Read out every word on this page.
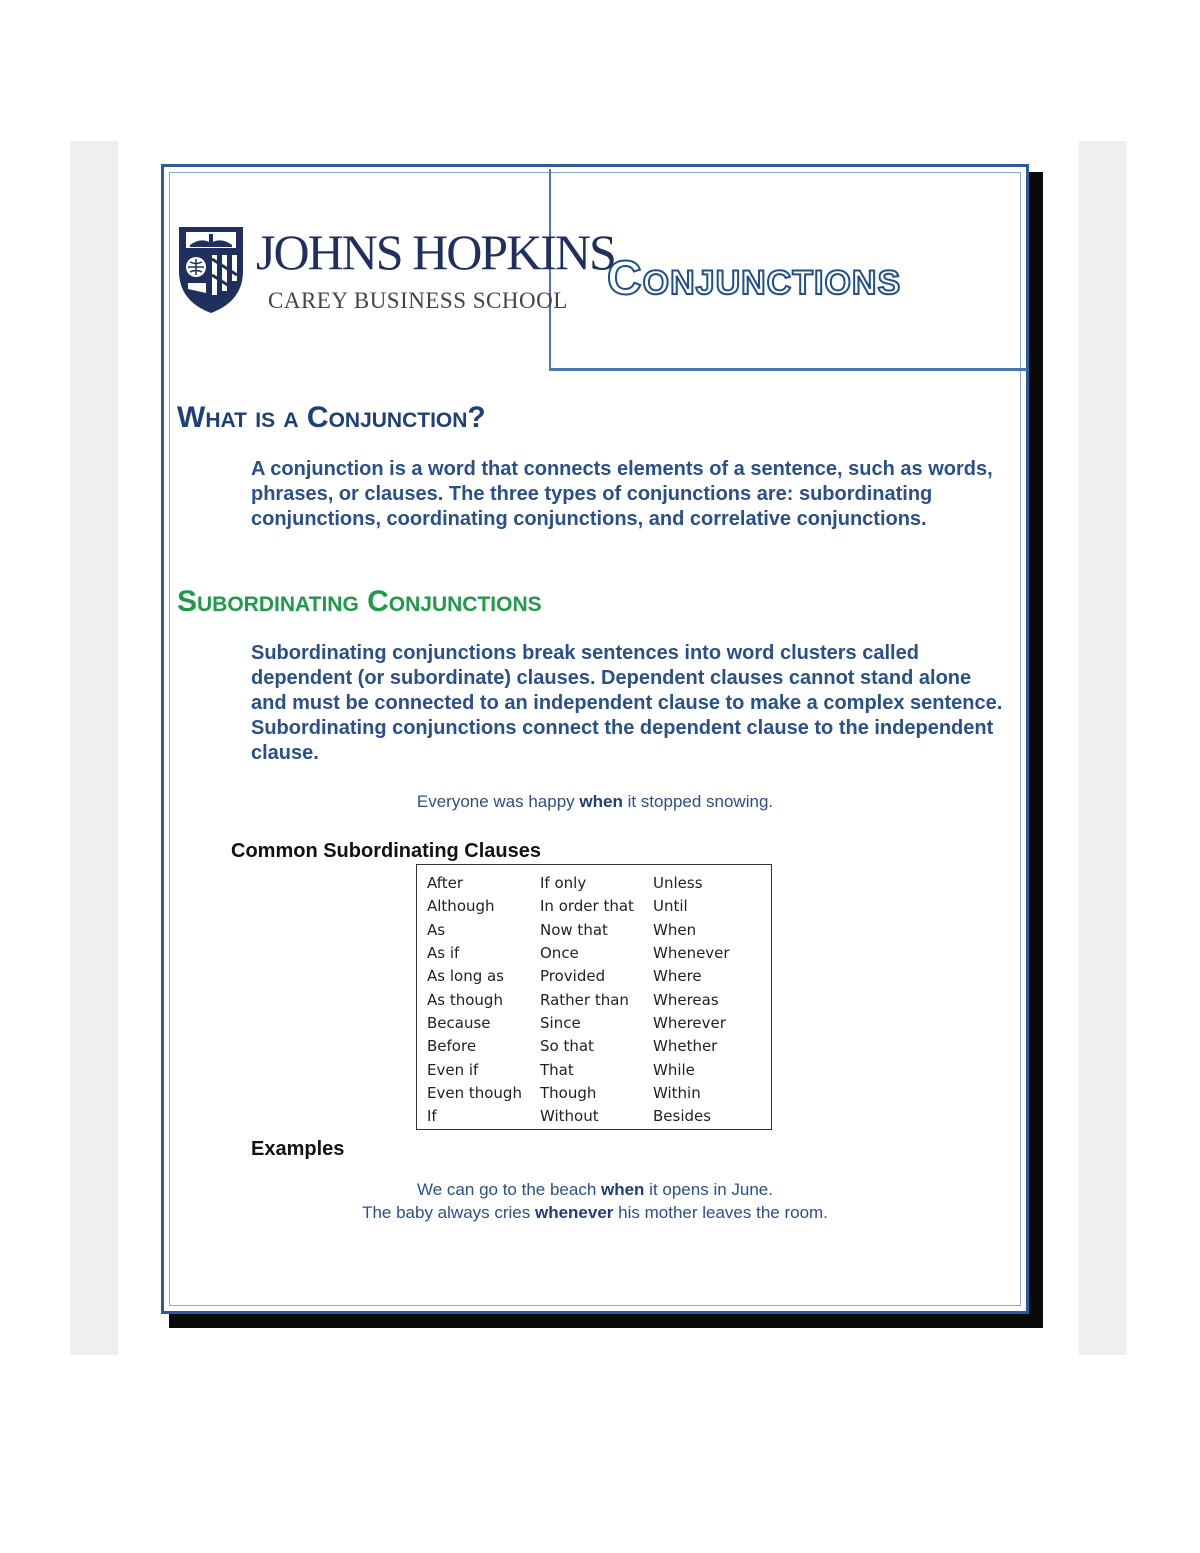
JOHNS HOPKINS
CAREY BUSINESS SCHOOL Conjunctions
What is a Conjunction?

A conjunction is a word that connects elements of a sentence, such as words, phrases, or clauses. The three types of conjunctions are: subordinating conjunctions, coordinating conjunctions, and correlative conjunctions.

Subordinating Conjunctions

Subordinating conjunctions break sentences into word clusters called dependent (or subordinate) clauses. Dependent clauses cannot stand alone and must be connected to an independent clause to make a complex sentence. Subordinating conjunctions connect the dependent clause to the independent clause.

Everyone was happy when it stopped snowing.
Common Subordinating Clauses
After	If only	Unless
Although	In order that	Until
As	Now that	When
As if	Once	Whenever
As long as	Provided	Where
As though	Rather than	Whereas
Because	Since	Wherever
Before	So that	Whether
Even if	That	While
Even though	Though	Within
If	Without	Besides
Examples
We can go to the beach when it opens in June.
The baby always cries whenever his mother leaves the room.
